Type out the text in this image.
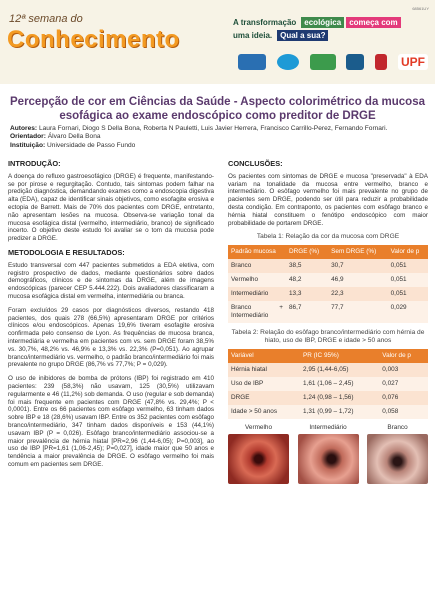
12ª semana do
Conhecimento
68561UY
A transformação	ecológica	começa com
uma ideia.	Qual a sua?
UPF
Percepção de cor em Ciências da Saúde - Aspecto colorimétrico da mucosa esofágica ao exame endoscópico como preditor de DRGE
Autores: Laura Fornari, Diogo S Della Bona, Roberta N Pauletti, Luis Javier Herrera, Francisco Carrillo-Perez, Fernando Fornari.
Orientador: Álvaro Della Bona
Instituição: Universidade de Passo Fundo
INTRODUÇÃO:
A doença do refluxo gastroesofágico (DRGE) é frequente, manifestando-se por pirose e regurgitação. Contudo, tais sintomas podem falhar na predição diagnóstica, demandando exames como a endoscopia digestiva alta (EDA), capaz de identificar sinais objetivos, como esofagite erosiva e ectopia de Barrett. Mais de 70% dos pacientes com DRGE, entretanto, não apresentam lesões na mucosa. Observa-se variação tonal da mucosa esofágica distal (vermelho, intermediário, branco) de significado incerto. O objetivo deste estudo foi avaliar se o tom da mucosa pode predizer a DRGE.
METODOLOGIA E RESULTADOS:
Estudo transversal com 447 pacientes submetidos a EDA eletiva, com registro prospectivo de dados, mediante questionários sobre dados demográficos, clínicos e de sintomas da DRGE, além de imagens endoscópicas (parecer CEP 5.444.222). Dois avaliadores classificaram a mucosa esofágica distal em vermelha, intermediária ou branca.
Foram excluídos 29 casos por diagnósticos diversos, restando 418 pacientes, dos quais 278 (66,5%) apresentaram DRGE por critérios clínicos e/ou endoscópicos. Apenas 19,6% tiveram esofagite erosiva confirmada pelo consenso de Lyon. As frequências de mucosa branca, intermediária e vermelha em pacientes com vs. sem DRGE foram 38,5% vs. 30,7%, 48,2% vs. 46,9% e 13,3% vs. 22,3% (P=0,051). Ao agrupar branco/intermediário vs. vermelho, o padrão branco/intermediário foi mais prevalente no grupo DRGE (86,7% vs 77,7%; P = 0,029).
O uso de inibidores de bomba de prótons (IBP) foi registrado em 410 pacientes: 239 (58,3%) não usavam, 125 (30,5%) utilizavam regularmente e 46 (11,2%) sob demanda. O uso (regular e sob demanda) foi mais frequente em pacientes com DRGE (47,8% vs. 29,4%; P < 0,0001). Entre os 66 pacientes com esôfago vermelho, 63 tinham dados sobre IBP e 18 (28,6%) usavam IBP. Entre os 352 pacientes com esôfago branco/intermediário, 347 tinham dados disponíveis e 153 (44,1%) usavam IBP (P = 0,026). Esôfago branco/intermediário associou-se a maior prevalência de hérnia hiatal [PR=2,96 (1,44-6,05); P=0,003], ao uso de IBP [PR=1,61 (1,06-2,45); P=0,027], idade maior que 50 anos e tendência a maior prevalência de DRGE. O esôfago vermelho foi mais comum em pacientes sem DRGE.
CONCLUSÕES:
Os pacientes com sintomas de DRGE e mucosa "preservada" à EDA variam na tonalidade da mucosa entre vermelho, branco e intermediário. O esôfago vermelho foi mais prevalente no grupo de pacientes sem DRGE, podendo ser útil para reduzir a probabilidade desta condição. Em contraponto, os pacientes com esôfago branco e hérnia hiatal constituem o fenótipo endoscópico com maior probabilidade de portarem DRGE.
Tabela 1: Relação da cor da mucosa com DRGE
Padrão mucosa	DRGE (%)	Sem DRGE (%)	Valor de p
Branco	38,5	30,7	0,051
Vermelho	48,2	46,9	0,051
Intermediário	13,3	22,3	0,051
Branco + Intermediário	86,7	77,7	0,029
Tabela 2: Relação do esôfago branco/intermediário com hérnia de hiato, uso de IBP, DRGE e idade > 50 anos
Variável	PR (IC 95%)	Valor de p
Hérnia hiatal	2,95 (1,44-6,05)	0,003
Uso de IBP	1,61 (1,06 – 2,45)	0,027
DRGE	1,24 (0,98 – 1,56)	0,076
Idade > 50 anos	1,31 (0,99 – 1,72)	0,058
Vermelho	Intermediário	Branco
